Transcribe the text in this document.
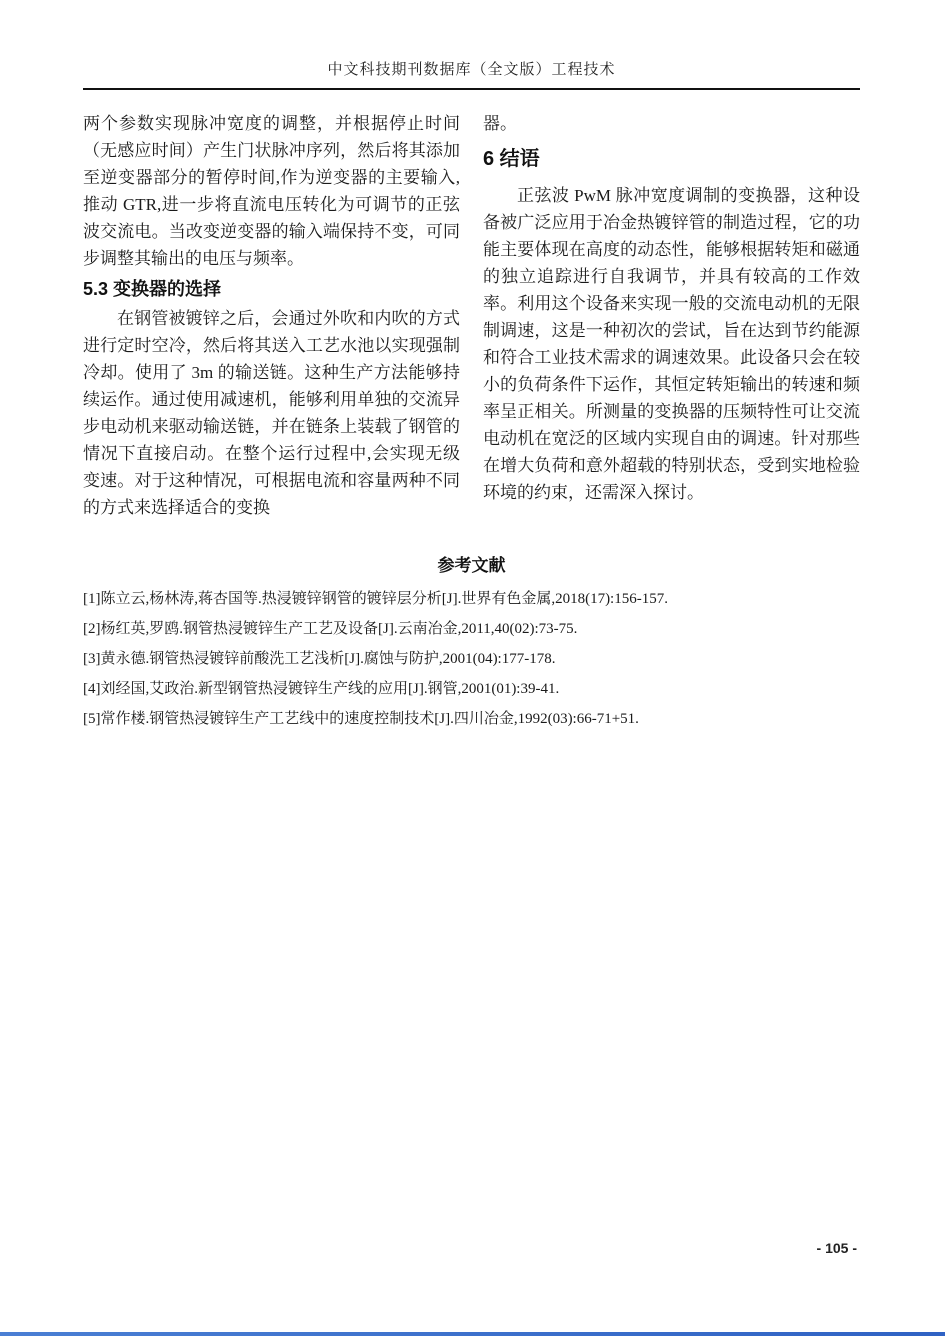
中文科技期刊数据库（全文版）工程技术

两个参数实现脉冲宽度的调整，并根据停止时间（无感应时间）产生门状脉冲序列，然后将其添加至逆变器部分的暂停时间,作为逆变器的主要输入,推动 GTR,进一步将直流电压转化为可调节的正弦波交流电。当改变逆变器的输入端保持不变，可同步调整其输出的电压与频率。

5.3 变换器的选择

在钢管被镀锌之后，会通过外吹和内吹的方式进行定时空冷，然后将其送入工艺水池以实现强制冷却。使用了 3m 的输送链。这种生产方法能够持续运作。通过使用减速机，能够利用单独的交流异步电动机来驱动输送链，并在链条上装载了钢管的情况下直接启动。在整个运行过程中,会实现无级变速。对于这种情况，可根据电流和容量两种不同的方式来选择适合的变换

器。

6 结语

正弦波 PwM 脉冲宽度调制的变换器，这种设备被广泛应用于冶金热镀锌管的制造过程，它的功能主要体现在高度的动态性，能够根据转矩和磁通的独立追踪进行自我调节，并具有较高的工作效率。利用这个设备来实现一般的交流电动机的无限制调速，这是一种初次的尝试，旨在达到节约能源和符合工业技术需求的调速效果。此设备只会在较小的负荷条件下运作，其恒定转矩输出的转速和频率呈正相关。所测量的变换器的压频特性可让交流电动机在宽泛的区域内实现自由的调速。针对那些在增大负荷和意外超载的特别状态，受到实地检验环境的约束，还需深入探讨。

参考文献

[1]陈立云,杨林涛,蒋杏国等.热浸镀锌钢管的镀锌层分析[J].世界有色金属,2018(17):156-157.

[2]杨红英,罗鸥.钢管热浸镀锌生产工艺及设备[J].云南冶金,2011,40(02):73-75.

[3]黄永德.钢管热浸镀锌前酸洗工艺浅析[J].腐蚀与防护,2001(04):177-178.

[4]刘经国,艾政治.新型钢管热浸镀锌生产线的应用[J].钢管,2001(01):39-41.

[5]常作楼.钢管热浸镀锌生产工艺线中的速度控制技术[J].四川冶金,1992(03):66-71+51.

- 105 -
